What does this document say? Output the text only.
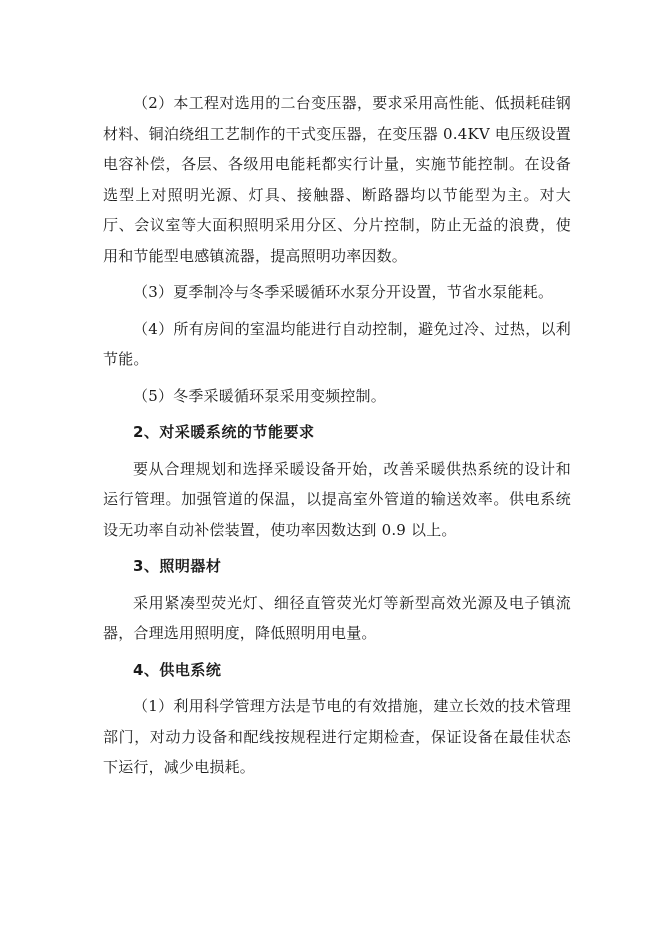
（2）本工程对选用的二台变压器，要求采用高性能、低损耗硅钢材料、铜泊绕组工艺制作的干式变压器，在变压器 0.4KV 电压级设置电容补偿，各层、各级用电能耗都实行计量，实施节能控制。在设备选型上对照明光源、灯具、接触器、断路器均以节能型为主。对大厅、会议室等大面积照明采用分区、分片控制，防止无益的浪费，使用和节能型电感镇流器，提高照明功率因数。

（3）夏季制冷与冬季采暖循环水泵分开设置，节省水泵能耗。

（4）所有房间的室温均能进行自动控制，避免过冷、过热，以利节能。

（5）冬季采暖循环泵采用变频控制。

2、对采暖系统的节能要求

要从合理规划和选择采暖设备开始，改善采暖供热系统的设计和运行管理。加强管道的保温，以提高室外管道的输送效率。供电系统设无功率自动补偿装置，使功率因数达到 0.9 以上。

3、照明器材

采用紧凑型荧光灯、细径直管荧光灯等新型高效光源及电子镇流器，合理选用照明度，降低照明用电量。

4、供电系统

（1）利用科学管理方法是节电的有效措施，建立长效的技术管理部门，对动力设备和配线按规程进行定期检查，保证设备在最佳状态下运行，减少电损耗。
